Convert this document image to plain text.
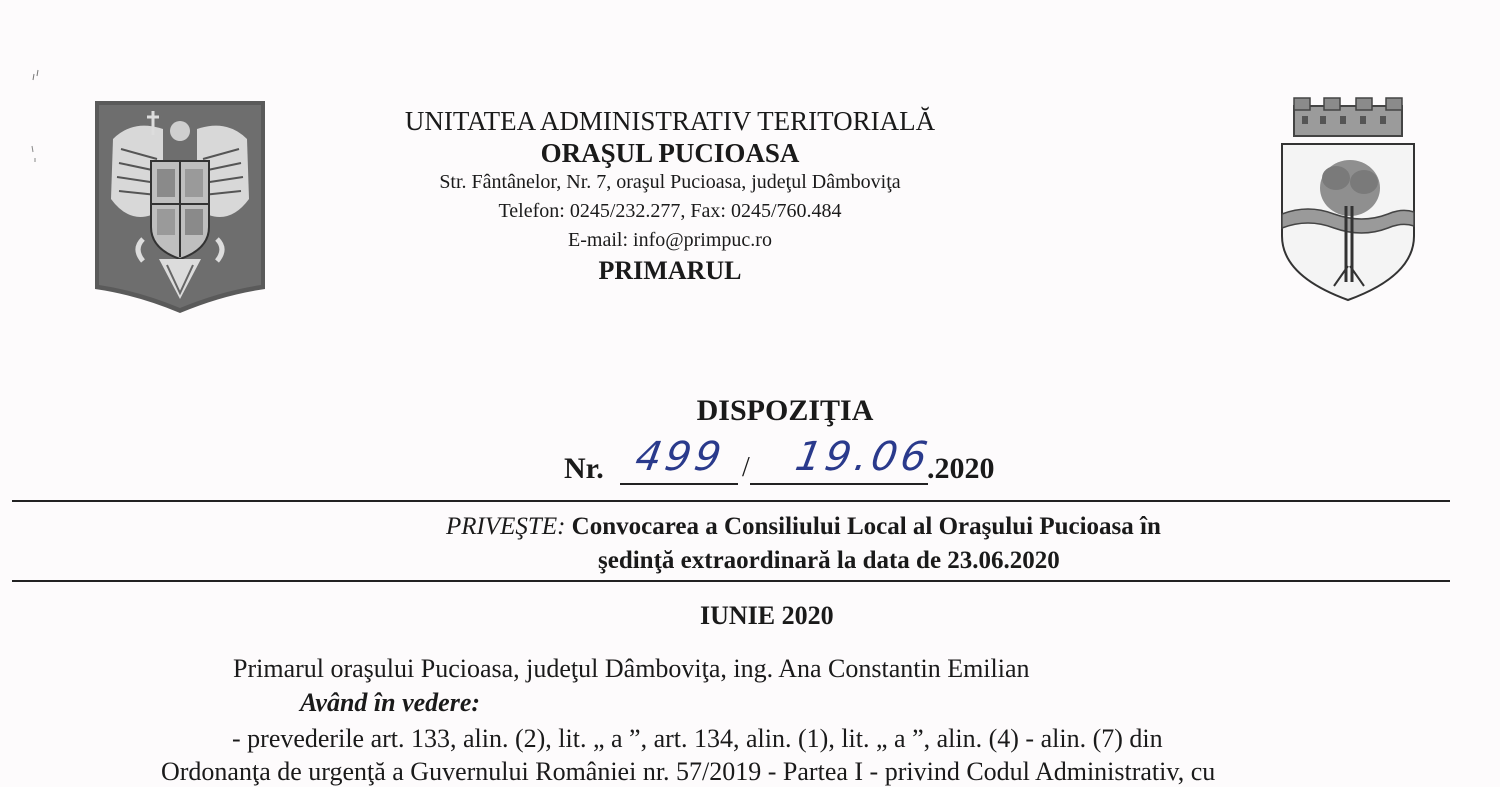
UNITATEA ADMINISTRATIV TERITORIALĂ
ORAŞUL PUCIOASA
Str. Fântânelor, Nr. 7, oraşul Pucioasa, judeţul Dâmboviţa
Telefon: 0245/232.277, Fax: 0245/760.484
E-mail: info@primpuc.ro
PRIMARUL
DISPOZIŢIA
Nr. 499 / 19.06
.2020
PRIVEŞTE: Convocarea a Consiliului Local al Oraşului Pucioasa în
şedinţă extraordinară la data de 23.06.2020
IUNIE 2020
Primarul oraşului Pucioasa, judeţul Dâmboviţa, ing. Ana Constantin Emilian
Având în vedere:
- prevederile art. 133, alin. (2), lit. „ a ”, art. 134, alin. (1), lit. „ a ”, alin. (4) - alin. (7) din
Ordonanţa de urgenţă a Guvernului României nr. 57/2019 - Partea I - privind Codul Administrativ, cu
